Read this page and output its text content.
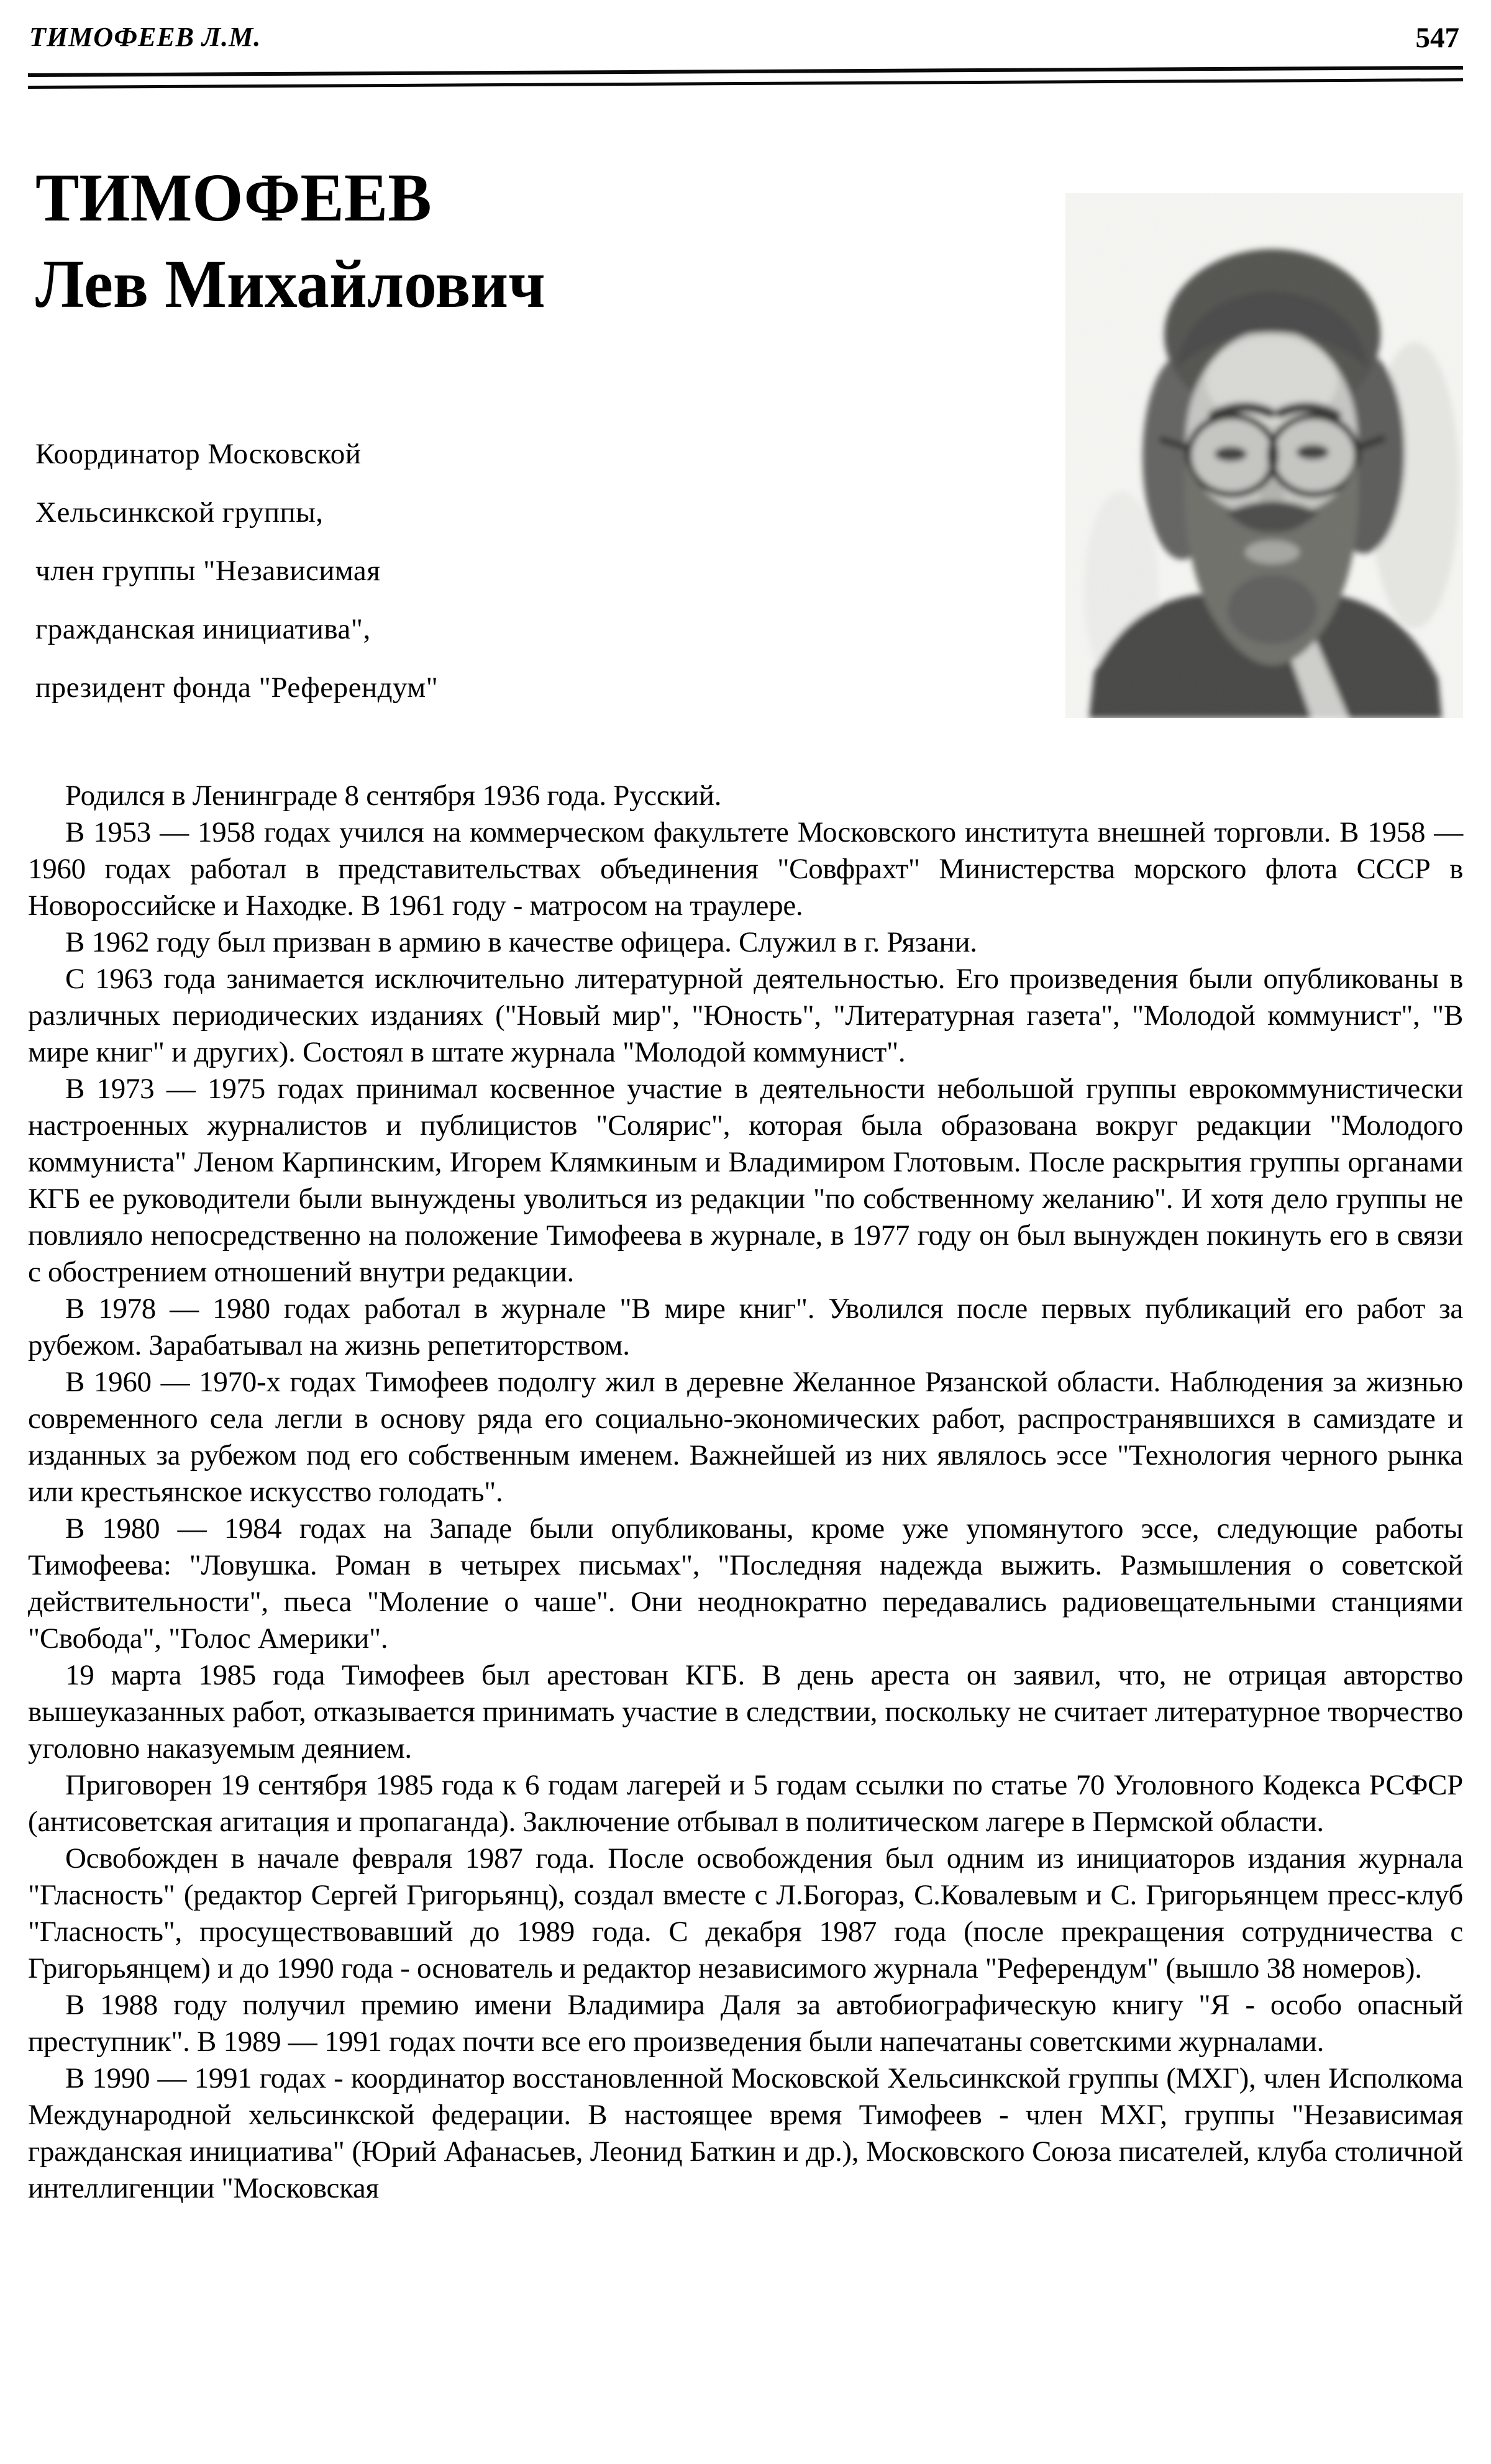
ТИМОФЕЕВ Л.М.	547
ТИМОФЕЕВ
Лев Михайлович
Координатор Московской
Хельсинкской группы,
член группы "Независимая
гражданская инициатива",
президент фонда "Референдум"

Родился в Ленинграде 8 сентября 1936 года. Русский.

В 1953 — 1958 годах учился на коммерческом факультете Московского института внешней торговли. В 1958 — 1960 годах работал в представительствах объединения "Совфрахт" Министерства морского флота СССР в Новороссийске и Находке. В 1961 году - матросом на траулере.

В 1962 году был призван в армию в качестве офицера. Служил в г. Рязани.

С 1963 года занимается исключительно литературной деятельностью. Его произведения были опубликованы в различных периодических изданиях ("Новый мир", "Юность", "Литературная газета", "Молодой коммунист", "В мире книг" и других). Состоял в штате журнала "Молодой коммунист".

В 1973 — 1975 годах принимал косвенное участие в деятельности небольшой группы еврокоммунистически настроенных журналистов и публицистов "Солярис", которая была образована вокруг редакции "Молодого коммуниста" Леном Карпинским, Игорем Клямкиным и Владимиром Глотовым. После раскрытия группы органами КГБ ее руководители были вынуждены уволиться из редакции "по собственному желанию". И хотя дело группы не повлияло непосредственно на положение Тимофеева в журнале, в 1977 году он был вынужден покинуть его в связи с обострением отношений внутри редакции.

В 1978 — 1980 годах работал в журнале "В мире книг". Уволился после первых публикаций его работ за рубежом. Зарабатывал на жизнь репетиторством.

В 1960 — 1970-х годах Тимофеев подолгу жил в деревне Желанное Рязанской области. Наблюдения за жизнью современного села легли в основу ряда его социально-экономических работ, распространявшихся в самиздате и изданных за рубежом под его собственным именем. Важнейшей из них являлось эссе "Технология черного рынка или крестьянское искусство голодать".

В 1980 — 1984 годах на Западе были опубликованы, кроме уже упомянутого эссе, следующие работы Тимофеева: "Ловушка. Роман в четырех письмах", "Последняя надежда выжить. Размышления о советской действительности", пьеса "Моление о чаше". Они неоднократно передавались радиовещательными станциями "Свобода", "Голос Америки".

19 марта 1985 года Тимофеев был арестован КГБ. В день ареста он заявил, что, не отрицая авторство вышеуказанных работ, отказывается принимать участие в следствии, поскольку не считает литературное творчество уголовно наказуемым деянием.

Приговорен 19 сентября 1985 года к 6 годам лагерей и 5 годам ссылки по статье 70 Уголовного Кодекса РСФСР (антисоветская агитация и пропаганда). Заключение отбывал в политическом лагере в Пермской области.

Освобожден в начале февраля 1987 года. После освобождения был одним из инициаторов издания журнала "Гласность" (редактор Сергей Григорьянц), создал вместе с Л.Богораз, С.Ковалевым и С. Григорьянцем пресс-клуб "Гласность", просуществовавший до 1989 года. С декабря 1987 года (после прекращения сотрудничества с Григорьянцем) и до 1990 года - основатель и редактор независимого журнала "Референдум" (вышло 38 номеров).

В 1988 году получил премию имени Владимира Даля за автобиографическую книгу "Я - особо опасный преступник". В 1989 — 1991 годах почти все его произведения были напечатаны советскими журналами.

В 1990 — 1991 годах - координатор восстановленной Московской Хельсинкской группы (МХГ), член Исполкома Международной хельсинкской федерации. В настоящее время Тимофеев - член МХГ, группы "Независимая гражданская инициатива" (Юрий Афанасьев, Леонид Баткин и др.), Московского Союза писателей, клуба столичной интеллигенции "Московская
